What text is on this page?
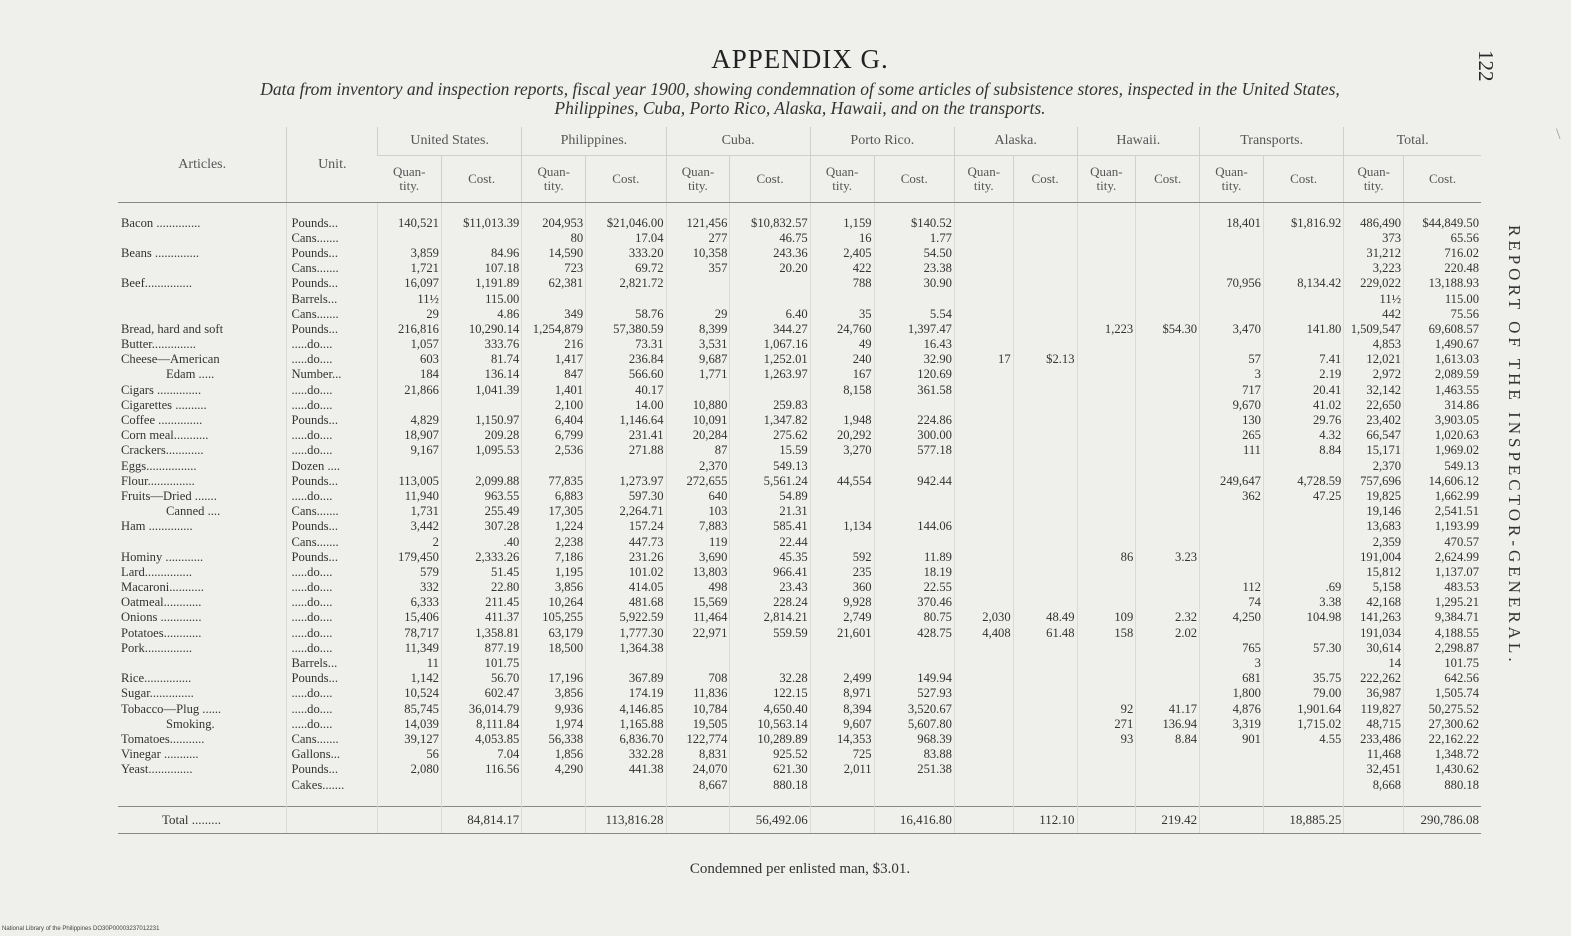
APPENDIX G.
Data from inventory and inspection reports, fiscal year 1900, showing condemnation of some articles of subsistence stores, inspected in the United States,
Philippines, Cuba, Porto Rico, Alaska, Hawaii, and on the transports.
122
REPORT OF THE INSPECTOR-GENERAL.
\
Articles.	Unit.	United States.		Philippines.		Cuba.		Porto Rico.		Alaska.		Hawaii.		Transports.		Total.	
		Quan-
tity.	Cost.	Quan-
tity.	Cost.	Quan-
tity.	Cost.	Quan-
tity.	Cost.	Quan-
tity.	Cost.	Quan-
tity.	Cost.	Quan-
tity.	Cost.	Quan-
tity.	Cost.

Bacon ..............	Pounds...	140,521	$11,013.39	204,953	$21,046.00	121,456	$10,832.57	1,159	$140.52					18,401	$1,816.92	486,490	$44,849.50
	Cans.......			80	17.04	277	46.75	16	1.77							373	65.56
Beans ..............	Pounds...	3,859	84.96	14,590	333.20	10,358	243.36	2,405	54.50							31,212	716.02
	Cans.......	1,721	107.18	723	69.72	357	20.20	422	23.38							3,223	220.48
Beef...............	Pounds...	16,097	1,191.89	62,381	2,821.72			788	30.90					70,956	8,134.42	229,022	13,188.93
	Barrels...	11½	115.00													11½	115.00
	Cans.......	29	4.86	349	58.76	29	6.40	35	5.54							442	75.56
Bread, hard and soft	Pounds...	216,816	10,290.14	1,254,879	57,380.59	8,399	344.27	24,760	1,397.47			1,223	$54.30	3,470	141.80	1,509,547	69,608.57
Butter..............	.....do....	1,057	333.76	216	73.31	3,531	1,067.16	49	16.43							4,853	1,490.67
Cheese—American	.....do....	603	81.74	1,417	236.84	9,687	1,252.01	240	32.90	17	$2.13			57	7.41	12,021	1,613.03
Edam .....	Number...	184	136.14	847	566.60	1,771	1,263.97	167	120.69					3	2.19	2,972	2,089.59
Cigars ..............	.....do....	21,866	1,041.39	1,401	40.17			8,158	361.58					717	20.41	32,142	1,463.55
Cigarettes ..........	.....do....			2,100	14.00	10,880	259.83							9,670	41.02	22,650	314.86
Coffee ..............	Pounds...	4,829	1,150.97	6,404	1,146.64	10,091	1,347.82	1,948	224.86					130	29.76	23,402	3,903.05
Corn meal...........	.....do....	18,907	209.28	6,799	231.41	20,284	275.62	20,292	300.00					265	4.32	66,547	1,020.63
Crackers............	.....do....	9,167	1,095.53	2,536	271.88	87	15.59	3,270	577.18					111	8.84	15,171	1,969.02
Eggs................	Dozen ....					2,370	549.13									2,370	549.13
Flour...............	Pounds...	113,005	2,099.88	77,835	1,273.97	272,655	5,561.24	44,554	942.44					249,647	4,728.59	757,696	14,606.12
Fruits—Dried .......	.....do....	11,940	963.55	6,883	597.30	640	54.89							362	47.25	19,825	1,662.99
Canned ....	Cans.......	1,731	255.49	17,305	2,264.71	103	21.31									19,146	2,541.51
Ham ..............	Pounds...	3,442	307.28	1,224	157.24	7,883	585.41	1,134	144.06							13,683	1,193.99
	Cans.......	2	.40	2,238	447.73	119	22.44									2,359	470.57
Hominy ............	Pounds...	179,450	2,333.26	7,186	231.26	3,690	45.35	592	11.89			86	3.23			191,004	2,624.99
Lard...............	.....do....	579	51.45	1,195	101.02	13,803	966.41	235	18.19							15,812	1,137.07
Macaroni...........	.....do....	332	22.80	3,856	414.05	498	23.43	360	22.55					112	.69	5,158	483.53
Oatmeal............	.....do....	6,333	211.45	10,264	481.68	15,569	228.24	9,928	370.46					74	3.38	42,168	1,295.21
Onions .............	.....do....	15,406	411.37	105,255	5,922.59	11,464	2,814.21	2,749	80.75	2,030	48.49	109	2.32	4,250	104.98	141,263	9,384.71
Potatoes............	.....do....	78,717	1,358.81	63,179	1,777.30	22,971	559.59	21,601	428.75	4,408	61.48	158	2.02			191,034	4,188.55
Pork...............	.....do....	11,349	877.19	18,500	1,364.38									765	57.30	30,614	2,298.87
	Barrels...	11	101.75											3		14	101.75
Rice...............	Pounds...	1,142	56.70	17,196	367.89	708	32.28	2,499	149.94					681	35.75	222,262	642.56
Sugar..............	.....do....	10,524	602.47	3,856	174.19	11,836	122.15	8,971	527.93					1,800	79.00	36,987	1,505.74
Tobacco—Plug ......	.....do....	85,745	36,014.79	9,936	4,146.85	10,784	4,650.40	8,394	3,520.67			92	41.17	4,876	1,901.64	119,827	50,275.52
Smoking.	.....do....	14,039	8,111.84	1,974	1,165.88	19,505	10,563.14	9,607	5,607.80			271	136.94	3,319	1,715.02	48,715	27,300.62
Tomatoes...........	Cans.......	39,127	4,053.85	56,338	6,836.70	122,774	10,289.89	14,353	968.39			93	8.84	901	4.55	233,486	22,162.22
Vinegar ...........	Gallons...	56	7.04	1,856	332.28	8,831	925.52	725	83.88							11,468	1,348.72
Yeast..............	Pounds...	2,080	116.56	4,290	441.38	24,070	621.30	2,011	251.38							32,451	1,430.62
	Cakes.......					8,667	880.18									8,668	880.18

Total .........			84,814.17		113,816.28		56,492.06		16,416.80		112.10		219.42		18,885.25		290,786.08
Condemned per enlisted man, $3.01.
National Library of the Philippines DO30P00003237012231
